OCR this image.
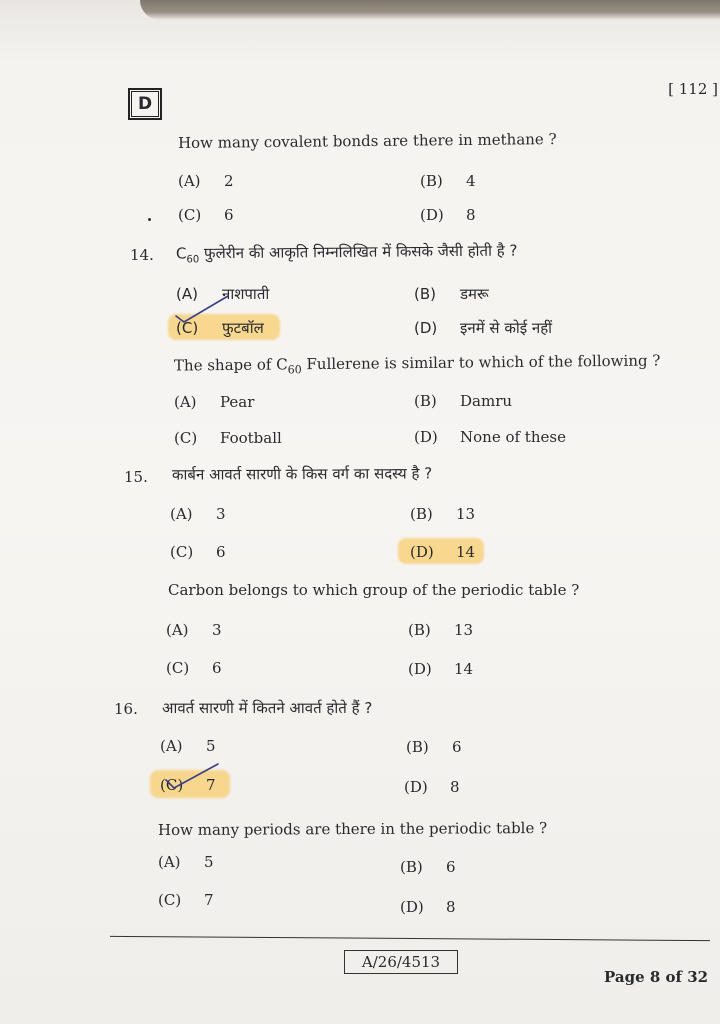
D
[ 112 ]
How many covalent bonds are there in methane ?
(A) 2	(B) 4
(C) 6	(D) 8
14. $C_{60}$ फुलेरीन की आकृति निम्नलिखित में किसके जैसी होती है ?
(A) नाशपाती	(B) डमरू
(C) फुटबॉल	(D) इनमें से कोई नहीं
The shape of $C_{60}$ Fullerene is similar to which of the following ?
(A) Pear	(B) Damru
(C) Football	(D) None of these
15. कार्बन आवर्त सारणी के किस वर्ग का सदस्य है ?
(A) 3	(B) 13
(C) 6	(D) 14
Carbon belongs to which group of the periodic table ?
(A) 3	(B) 13
(C) 6	(D) 14
16. आवर्त सारणी में कितने आवर्त होते हैं ?
(A) 5	(B) 6
(C) 7	(D) 8
How many periods are there in the periodic table ?
(A) 5	(B) 6
(C) 7	(D) 8
A/26/4513
Page 8 of 32
